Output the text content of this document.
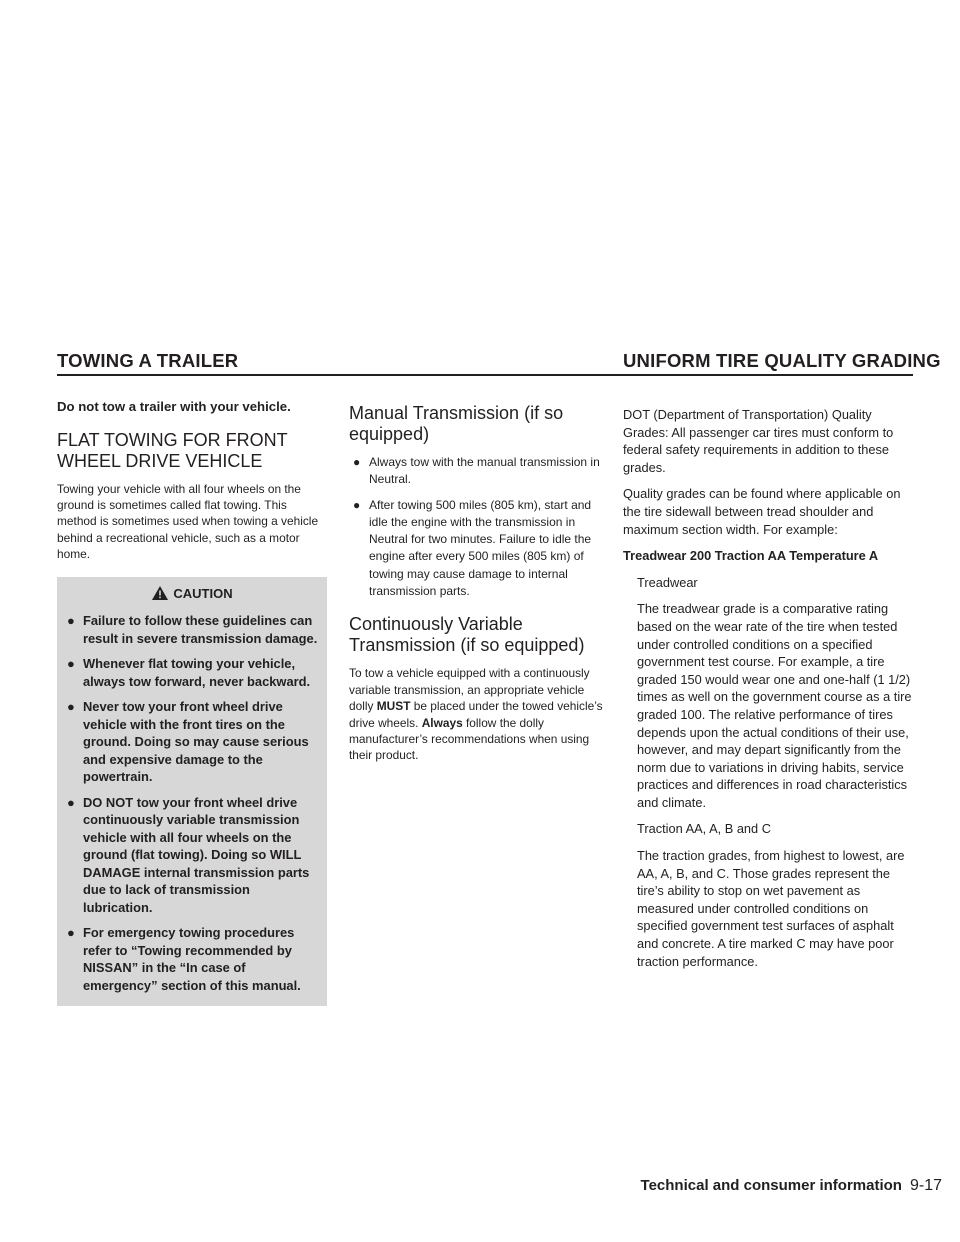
TOWING A TRAILER	UNIFORM TIRE QUALITY GRADING

Do not tow a trailer with your vehicle.

FLAT TOWING FOR FRONT WHEEL DRIVE VEHICLE

Towing your vehicle with all four wheels on the ground is sometimes called flat towing. This method is sometimes used when towing a vehicle behind a recreational vehicle, such as a motor home.

CAUTION
● Failure to follow these guidelines can result in severe transmission damage.
● Whenever flat towing your vehicle, always tow forward, never backward.
● Never tow your front wheel drive vehicle with the front tires on the ground. Doing so may cause serious and expensive damage to the powertrain.
● DO NOT tow your front wheel drive continuously variable transmission vehicle with all four wheels on the ground (flat towing). Doing so WILL DAMAGE internal transmission parts due to lack of transmission lubrication.
● For emergency towing procedures refer to “Towing recommended by NISSAN” in the “In case of emergency” section of this manual.
Manual Transmission (if so equipped)
● Always tow with the manual transmission in Neutral.
● After towing 500 miles (805 km), start and idle the engine with the transmission in Neutral for two minutes. Failure to idle the engine after every 500 miles (805 km) of towing may cause damage to internal transmission parts.
Continuously Variable Transmission (if so equipped)

To tow a vehicle equipped with a continuously variable transmission, an appropriate vehicle dolly MUST be placed under the towed vehicle’s drive wheels. Always follow the dolly manufacturer’s recommendations when using their product.

DOT (Department of Transportation) Quality Grades: All passenger car tires must conform to federal safety requirements in addition to these grades.

Quality grades can be found where applicable on the tire sidewall between tread shoulder and maximum section width. For example:

Treadwear 200 Traction AA Temperature A

Treadwear

The treadwear grade is a comparative rating based on the wear rate of the tire when tested under controlled conditions on a specified government test course. For example, a tire graded 150 would wear one and one-half (1 1/2) times as well on the government course as a tire graded 100. The relative performance of tires depends upon the actual conditions of their use, however, and may depart significantly from the norm due to variations in driving habits, service practices and differences in road characteristics and climate.

Traction AA, A, B and C

The traction grades, from highest to lowest, are AA, A, B, and C. Those grades represent the tire’s ability to stop on wet pavement as measured under controlled conditions on specified government test surfaces of asphalt and concrete. A tire marked C may have poor traction performance.

Technical and consumer information 9-17
